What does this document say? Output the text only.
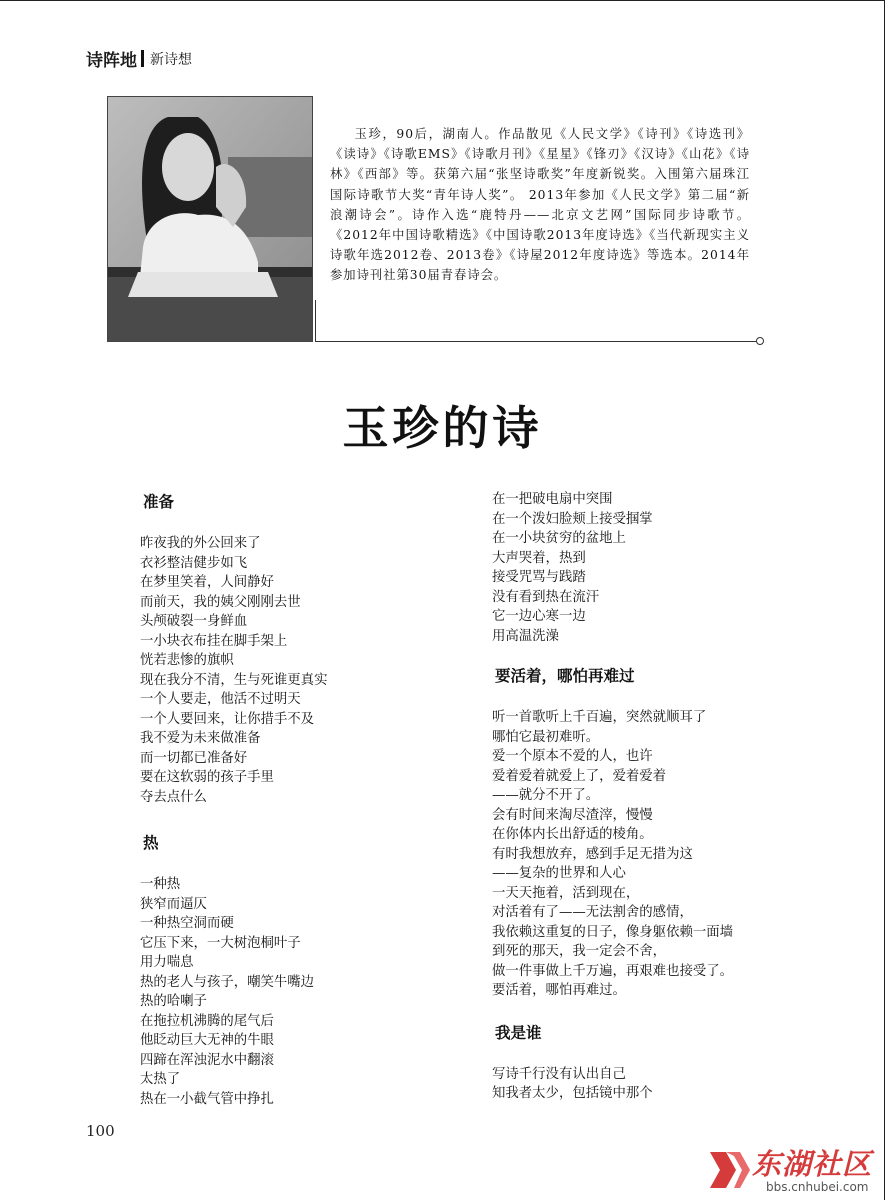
诗阵地 新诗想
玉珍，90后，湖南人。作品散见《人民文学》《诗刊》《诗选刊》《读诗》《诗歌EMS》《诗歌月刊》《星星》《锋刃》《汉诗》《山花》《诗林》《西部》等。获第六届“张坚诗歌奖”年度新锐奖。入围第六届珠江国际诗歌节大奖“青年诗人奖”。 2013年参加《人民文学》第二届“新浪潮诗会”。诗作入选“鹿特丹——北京文艺网”国际同步诗歌节。《2012年中国诗歌精选》《中国诗歌2013年度诗选》《当代新现实主义诗歌年选2012卷、2013卷》《诗屋2012年度诗选》等选本。2014年参加诗刊社第30届青春诗会。
玉珍的诗
准备
昨夜我的外公回来了
衣衫整洁健步如飞
在梦里笑着，人间静好
而前天，我的姨父刚刚去世
头颅破裂一身鲜血
一小块衣布挂在脚手架上
恍若悲惨的旗帜
现在我分不清，生与死谁更真实
一个人要走，他活不过明天
一个人要回来，让你措手不及
我不爱为未来做准备
而一切都已准备好
要在这软弱的孩子手里
夺去点什么
热
一种热
狭窄而逼仄
一种热空洞而硬
它压下来，一大树泡桐叶子
用力喘息
热的老人与孩子，嘲笑牛嘴边
热的哈喇子
在拖拉机沸腾的尾气后
他眨动巨大无神的牛眼
四蹄在浑浊泥水中翻滚
太热了
热在一小截气管中挣扎
在一把破电扇中突围
在一个泼妇脸颊上接受掴掌
在一小块贫穷的盆地上
大声哭着，热到
接受咒骂与践踏
没有看到热在流汗
它一边心寒一边
用高温洗澡
要活着，哪怕再难过
听一首歌听上千百遍，突然就顺耳了
哪怕它最初难听。
爱一个原本不爱的人，也许
爱着爱着就爱上了，爱着爱着
——就分不开了。
会有时间来淘尽渣滓，慢慢
在你体内长出舒适的棱角。
有时我想放弃，感到手足无措为这
——复杂的世界和人心
一天天拖着，活到现在，
对活着有了——无法割舍的感情，
我依赖这重复的日子，像身躯依赖一面墙
到死的那天，我一定会不舍，
做一件事做上千万遍，再艰难也接受了。
要活着，哪怕再难过。
我是谁
写诗千行没有认出自己
知我者太少，包括镜中那个
100
东湖社区
bbs.cnhubei.com
